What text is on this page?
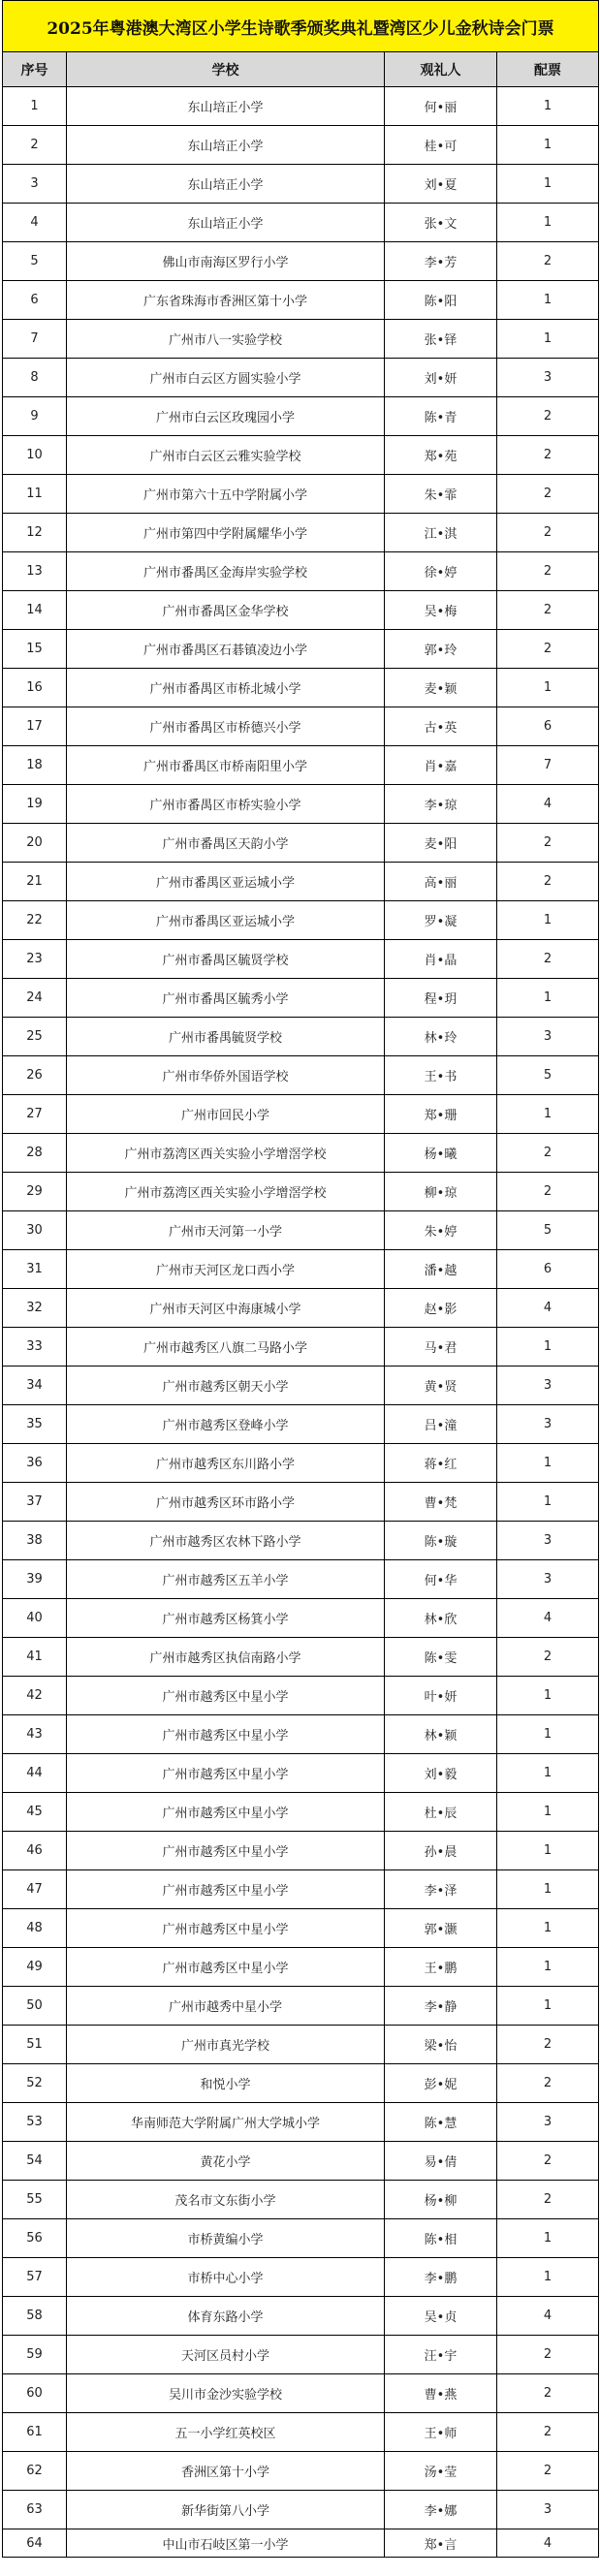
2025年粤港澳大湾区小学生诗歌季颁奖典礼暨湾区少儿金秋诗会门票			
序号	学校	观礼人	配票
1	东山培正小学	何•丽	1
2	东山培正小学	桂•可	1
3	东山培正小学	刘•夏	1
4	东山培正小学	张•文	1
5	佛山市南海区罗行小学	李•芳	2
6	广东省珠海市香洲区第十小学	陈•阳	1
7	广州市八一实验学校	张•铎	1
8	广州市白云区方圆实验小学	刘•妍	3
9	广州市白云区玫瑰园小学	陈•青	2
10	广州市白云区云雅实验学校	郑•苑	2
11	广州市第六十五中学附属小学	朱•霏	2
12	广州市第四中学附属耀华小学	江•淇	2
13	广州市番禺区金海岸实验学校	徐•婷	2
14	广州市番禺区金华学校	吴•梅	2
15	广州市番禺区石碁镇凌边小学	郭•玲	2
16	广州市番禺区市桥北城小学	麦•颖	1
17	广州市番禺区市桥德兴小学	古•英	6
18	广州市番禺区市桥南阳里小学	肖•嘉	7
19	广州市番禺区市桥实验小学	李•琼	4
20	广州市番禺区天韵小学	麦•阳	2
21	广州市番禺区亚运城小学	高•丽	2
22	广州市番禺区亚运城小学	罗•凝	1
23	广州市番禺区毓贤学校	肖•晶	2
24	广州市番禺区毓秀小学	程•玥	1
25	广州市番禺毓贤学校	林•玲	3
26	广州市华侨外国语学校	王•书	5
27	广州市回民小学	郑•珊	1
28	广州市荔湾区西关实验小学增滘学校	杨•曦	2
29	广州市荔湾区西关实验小学增滘学校	柳•琼	2
30	广州市天河第一小学	朱•婷	5
31	广州市天河区龙口西小学	潘•越	6
32	广州市天河区中海康城小学	赵•影	4
33	广州市越秀区八旗二马路小学	马•君	1
34	广州市越秀区朝天小学	黄•贤	3
35	广州市越秀区登峰小学	吕•潼	3
36	广州市越秀区东川路小学	蒋•红	1
37	广州市越秀区环市路小学	曹•梵	1
38	广州市越秀区农林下路小学	陈•璇	3
39	广州市越秀区五羊小学	何•华	3
40	广州市越秀区杨箕小学	林•欣	4
41	广州市越秀区执信南路小学	陈•雯	2
42	广州市越秀区中星小学	叶•妍	1
43	广州市越秀区中星小学	林•颖	1
44	广州市越秀区中星小学	刘•毅	1
45	广州市越秀区中星小学	杜•辰	1
46	广州市越秀区中星小学	孙•晨	1
47	广州市越秀区中星小学	李•泽	1
48	广州市越秀区中星小学	郭•灏	1
49	广州市越秀区中星小学	王•鹏	1
50	广州市越秀中星小学	李•静	1
51	广州市真光学校	梁•怡	2
52	和悦小学	彭•妮	2
53	华南师范大学附属广州大学城小学	陈•慧	3
54	黄花小学	易•倩	2
55	茂名市文东街小学	杨•柳	2
56	市桥黄编小学	陈•相	1
57	市桥中心小学	李•鹏	1
58	体育东路小学	吴•贞	4
59	天河区员村小学	汪•宇	2
60	吴川市金沙实验学校	曹•燕	2
61	五一小学红英校区	王•师	2
62	香洲区第十小学	汤•莹	2
63	新华街第八小学	李•娜	3
64	中山市石岐区第一小学	郑•言	4
